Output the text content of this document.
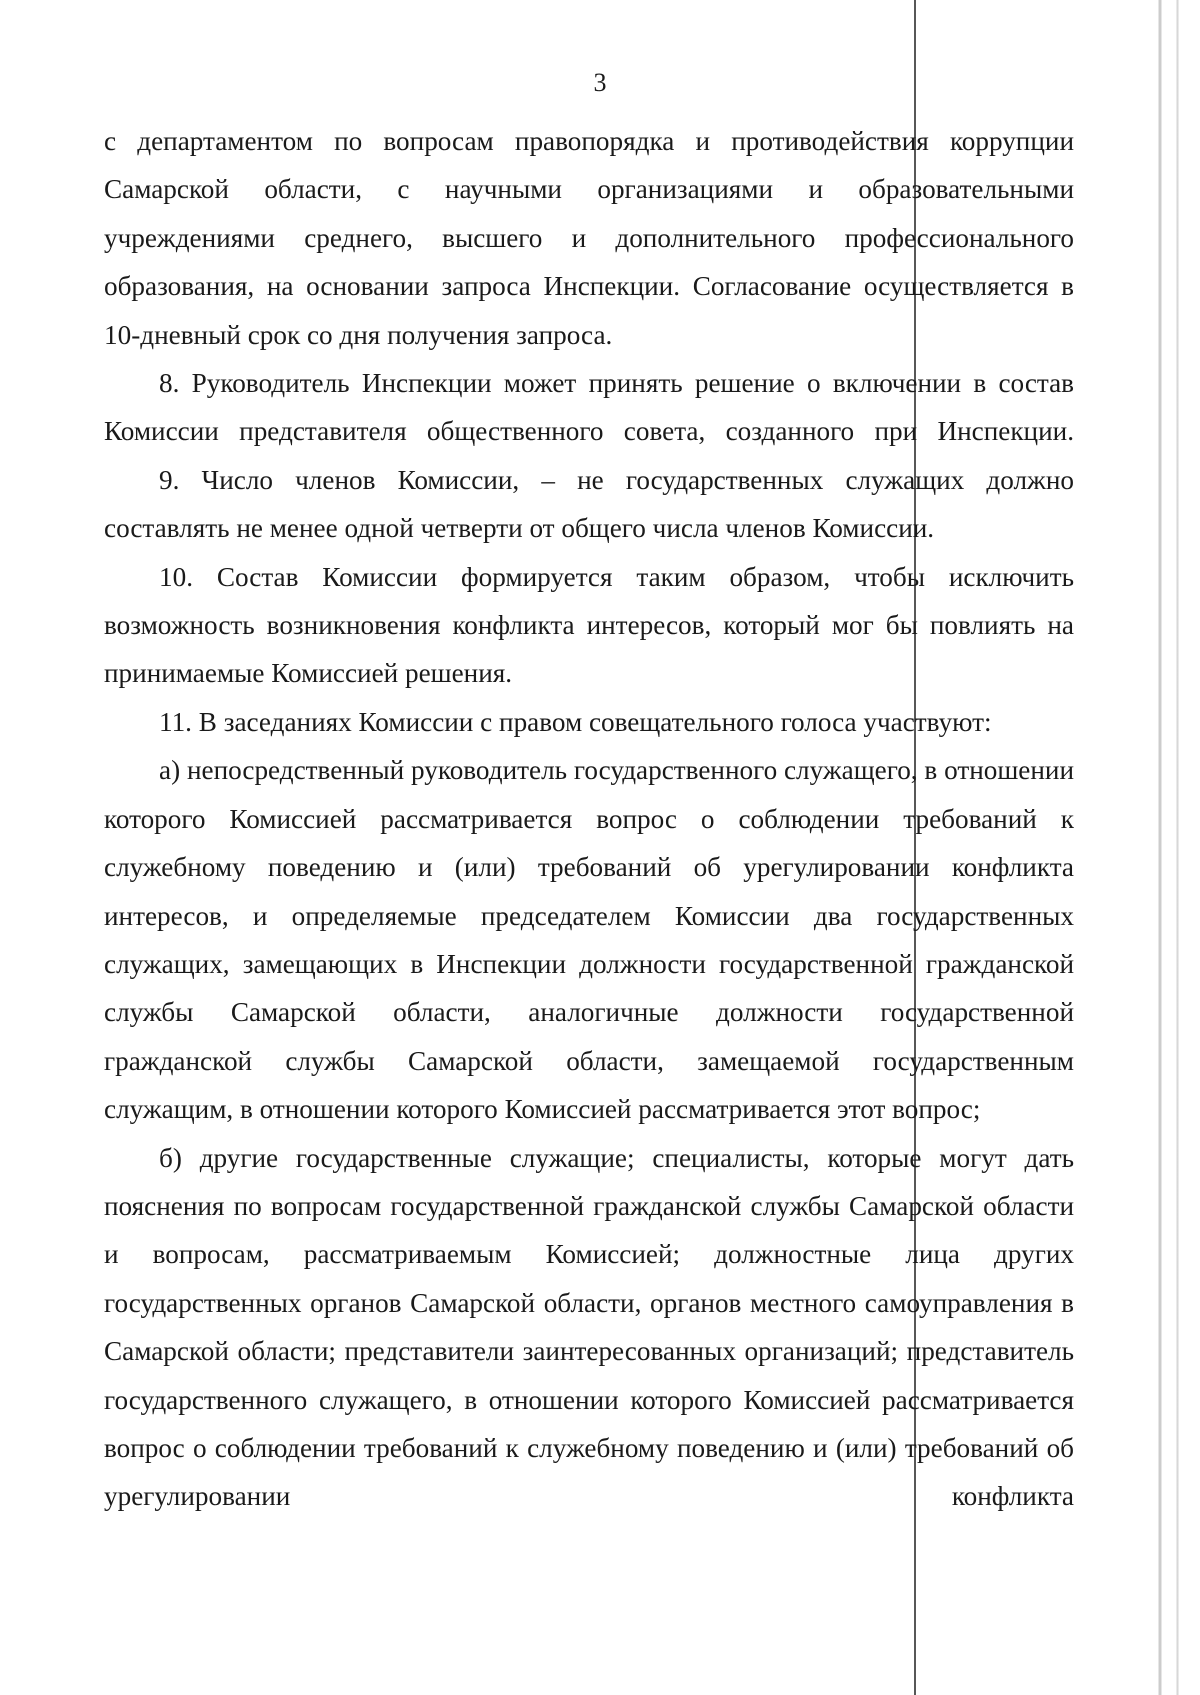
3

с департаментом по вопросам правопорядка и противодействия коррупции Самарской области, с научными организациями и образовательными учреждениями среднего, высшего и дополнительного профессионального образования, на основании запроса Инспекции. Согласование осуществляется в 10-дневный срок со дня получения запроса.

8. Руководитель Инспекции может принять решение о включении в состав Комиссии представителя общественного совета, созданного при Инспекции.

9. Число членов Комиссии, – не государственных служащих должно составлять не менее одной четверти от общего числа членов Комиссии.

10. Состав Комиссии формируется таким образом, чтобы исключить возможность возникновения конфликта интересов, который мог бы повлиять на принимаемые Комиссией решения.

11. В заседаниях Комиссии с правом совещательного голоса участвуют:

а) непосредственный руководитель государственного служащего, в отношении которого Комиссией рассматривается вопрос о соблюдении требований к служебному поведению и (или) требований об урегулировании конфликта интересов, и определяемые председателем Комиссии два государственных служащих, замещающих в Инспекции должности государственной гражданской службы Самарской области, аналогичные должности государственной гражданской службы Самарской области, замещаемой государственным служащим, в отношении которого Комиссией рассматривается этот вопрос;

б) другие государственные служащие; специалисты, которые могут дать пояснения по вопросам государственной гражданской службы Самарской области и вопросам, рассматриваемым Комиссией; должностные лица других государственных органов Самарской области, органов местного самоуправления в Самарской области; представители заинтересованных организаций; представитель государственного служащего, в отношении которого Комиссией рассматривается вопрос о соблюдении требований к служебному поведению и (или) требований об урегулировании конфликта
